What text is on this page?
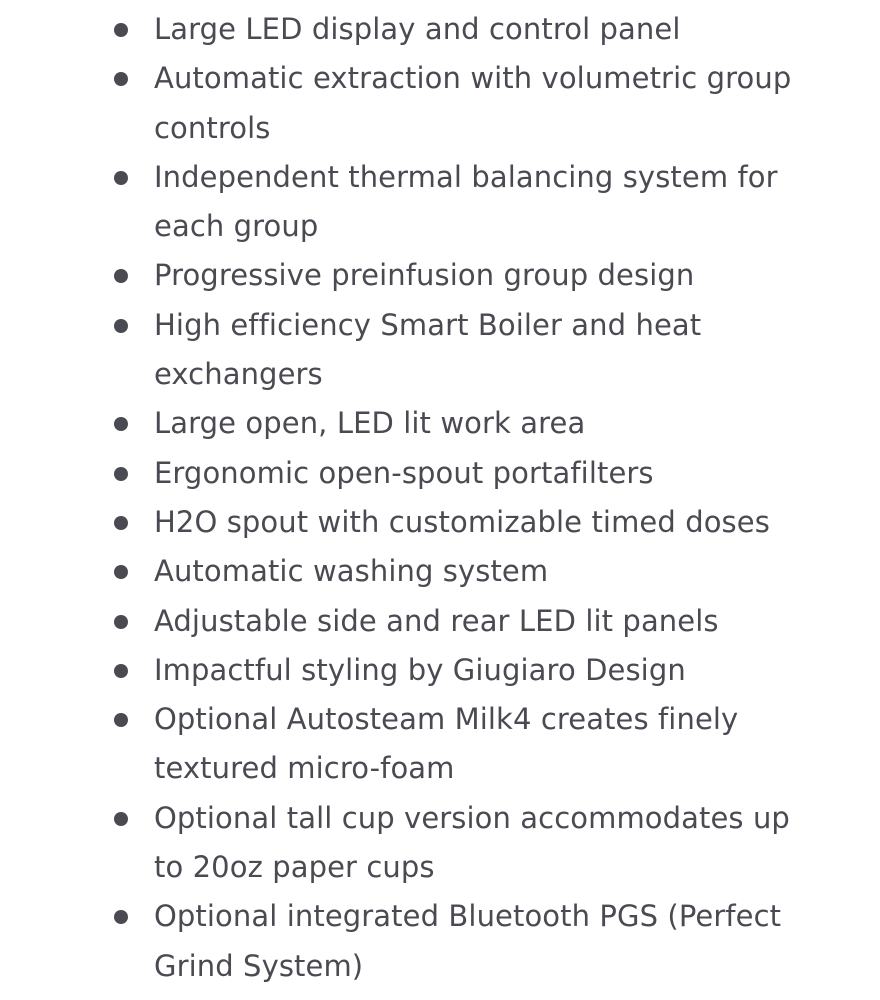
Large LED display and control panel
Automatic extraction with volumetric group controls
Independent thermal balancing system for each group
Progressive preinfusion group design
High efficiency Smart Boiler and heat exchangers
Large open, LED lit work area
Ergonomic open-spout portafilters
H2O spout with customizable timed doses
Automatic washing system
Adjustable side and rear LED lit panels
Impactful styling by Giugiaro Design
Optional Autosteam Milk4 creates finely textured micro-foam
Optional tall cup version accommodates up to 20oz paper cups
Optional integrated Bluetooth PGS (Perfect Grind System)
